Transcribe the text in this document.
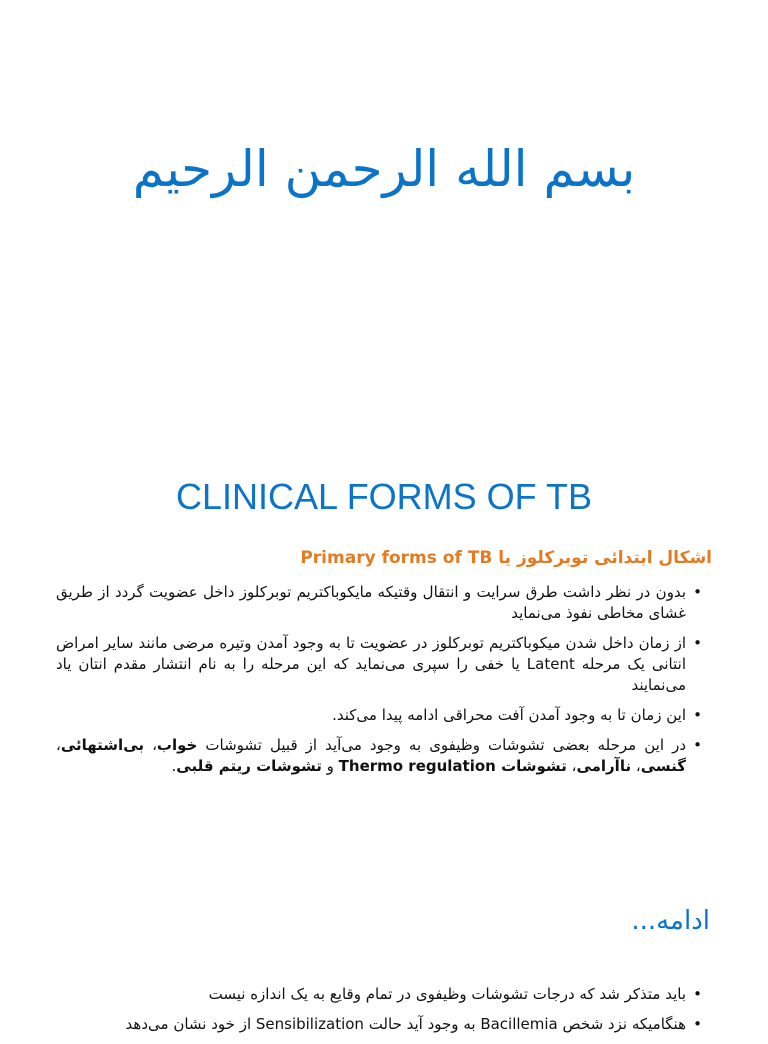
بسم الله الرحمن الرحیم
CLINICAL FORMS OF TB
اشکال ابتدائی توبرکلوز یا Primary forms of TB
• بدون در نظر داشت طرق سرایت و انتقال وقتیکه مایکوباکتریم توبرکلوز داخل عضویت گردد از طریق غشای مخاطی نفوذ می‌نماید
• از زمان داخل شدن میکوباکتریم توبرکلوز در عضویت تا به وجود آمدن وتیره مرضی مانند سایر امراض انتانی یک مرحله Latent یا خفی را سپری می‌نماید که این مرحله را به نام انتشار مقدم انتان یاد می‌نمایند
• این زمان تا به وجود آمدن آفت محراقی ادامه پیدا می‌کند.
• در این مرحله بعضی تشوشات وظیفوی به وجود می‌آید از قبیل تشوشات خواب، بی‌اشتهائی، گنسی، ناآرامی، تشوشات Thermo regulation و تشوشات ریتم قلبی.
ادامه...
• باید متذکر شد که درجات تشوشات وظیفوی در تمام وقایع به یک اندازه نیست
• هنگامیکه نزد شخص Bacillemia به وجود آید حالت Sensibilization از خود نشان می‌دهد
